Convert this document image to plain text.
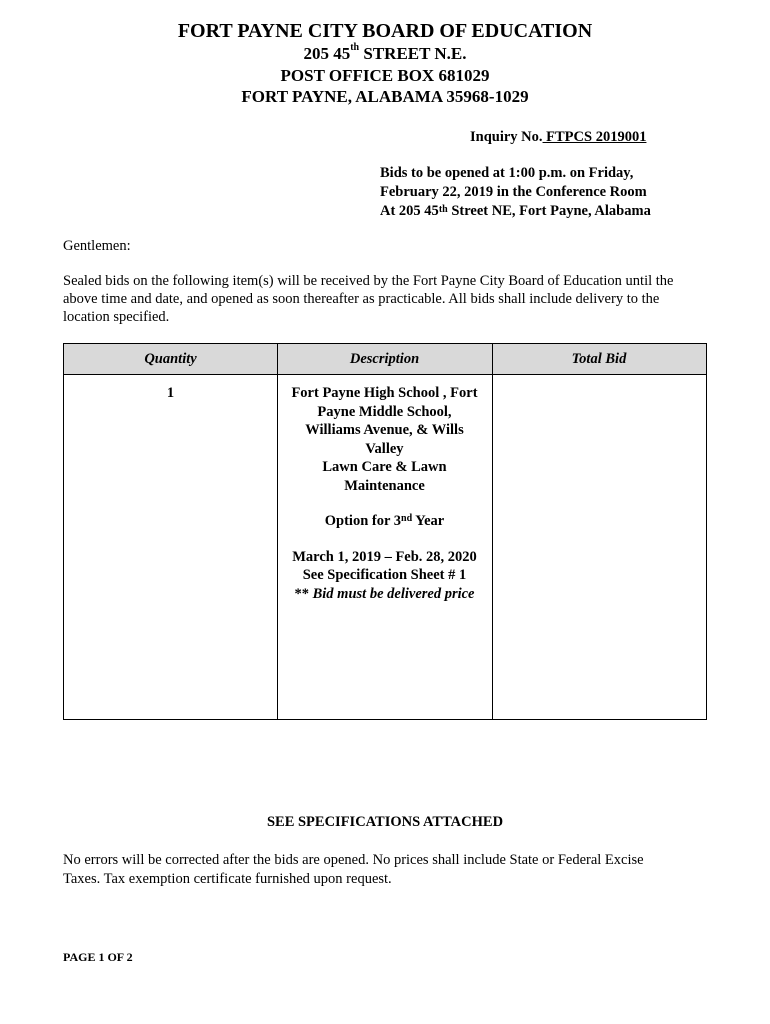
FORT PAYNE CITY BOARD OF EDUCATION
205 45th STREET N.E.
POST OFFICE BOX 681029
FORT PAYNE, ALABAMA 35968-1029
Inquiry No. FTPCS 2019001
Bids to be opened at 1:00 p.m. on Friday,
February 22, 2019 in the Conference Room
At 205 45th Street NE, Fort Payne, Alabama
Gentlemen:
Sealed bids on the following item(s) will be received by the Fort Payne City Board of Education until the
above time and date, and opened as soon thereafter as practicable. All bids shall include delivery to the
location specified.
Quantity	Description	Total Bid
1	Fort Payne High School , Fort
Payne Middle School,
Williams Avenue, & Wills
Valley
Lawn Care & Lawn
Maintenance
Option for 3nd Year
March 1, 2019 – Feb. 28, 2020
See Specification Sheet # 1
** Bid must be delivered price
SEE SPECIFICATIONS ATTACHED
No errors will be corrected after the bids are opened. No prices shall include State or Federal Excise
Taxes. Tax exemption certificate furnished upon request.
PAGE 1 OF 2
